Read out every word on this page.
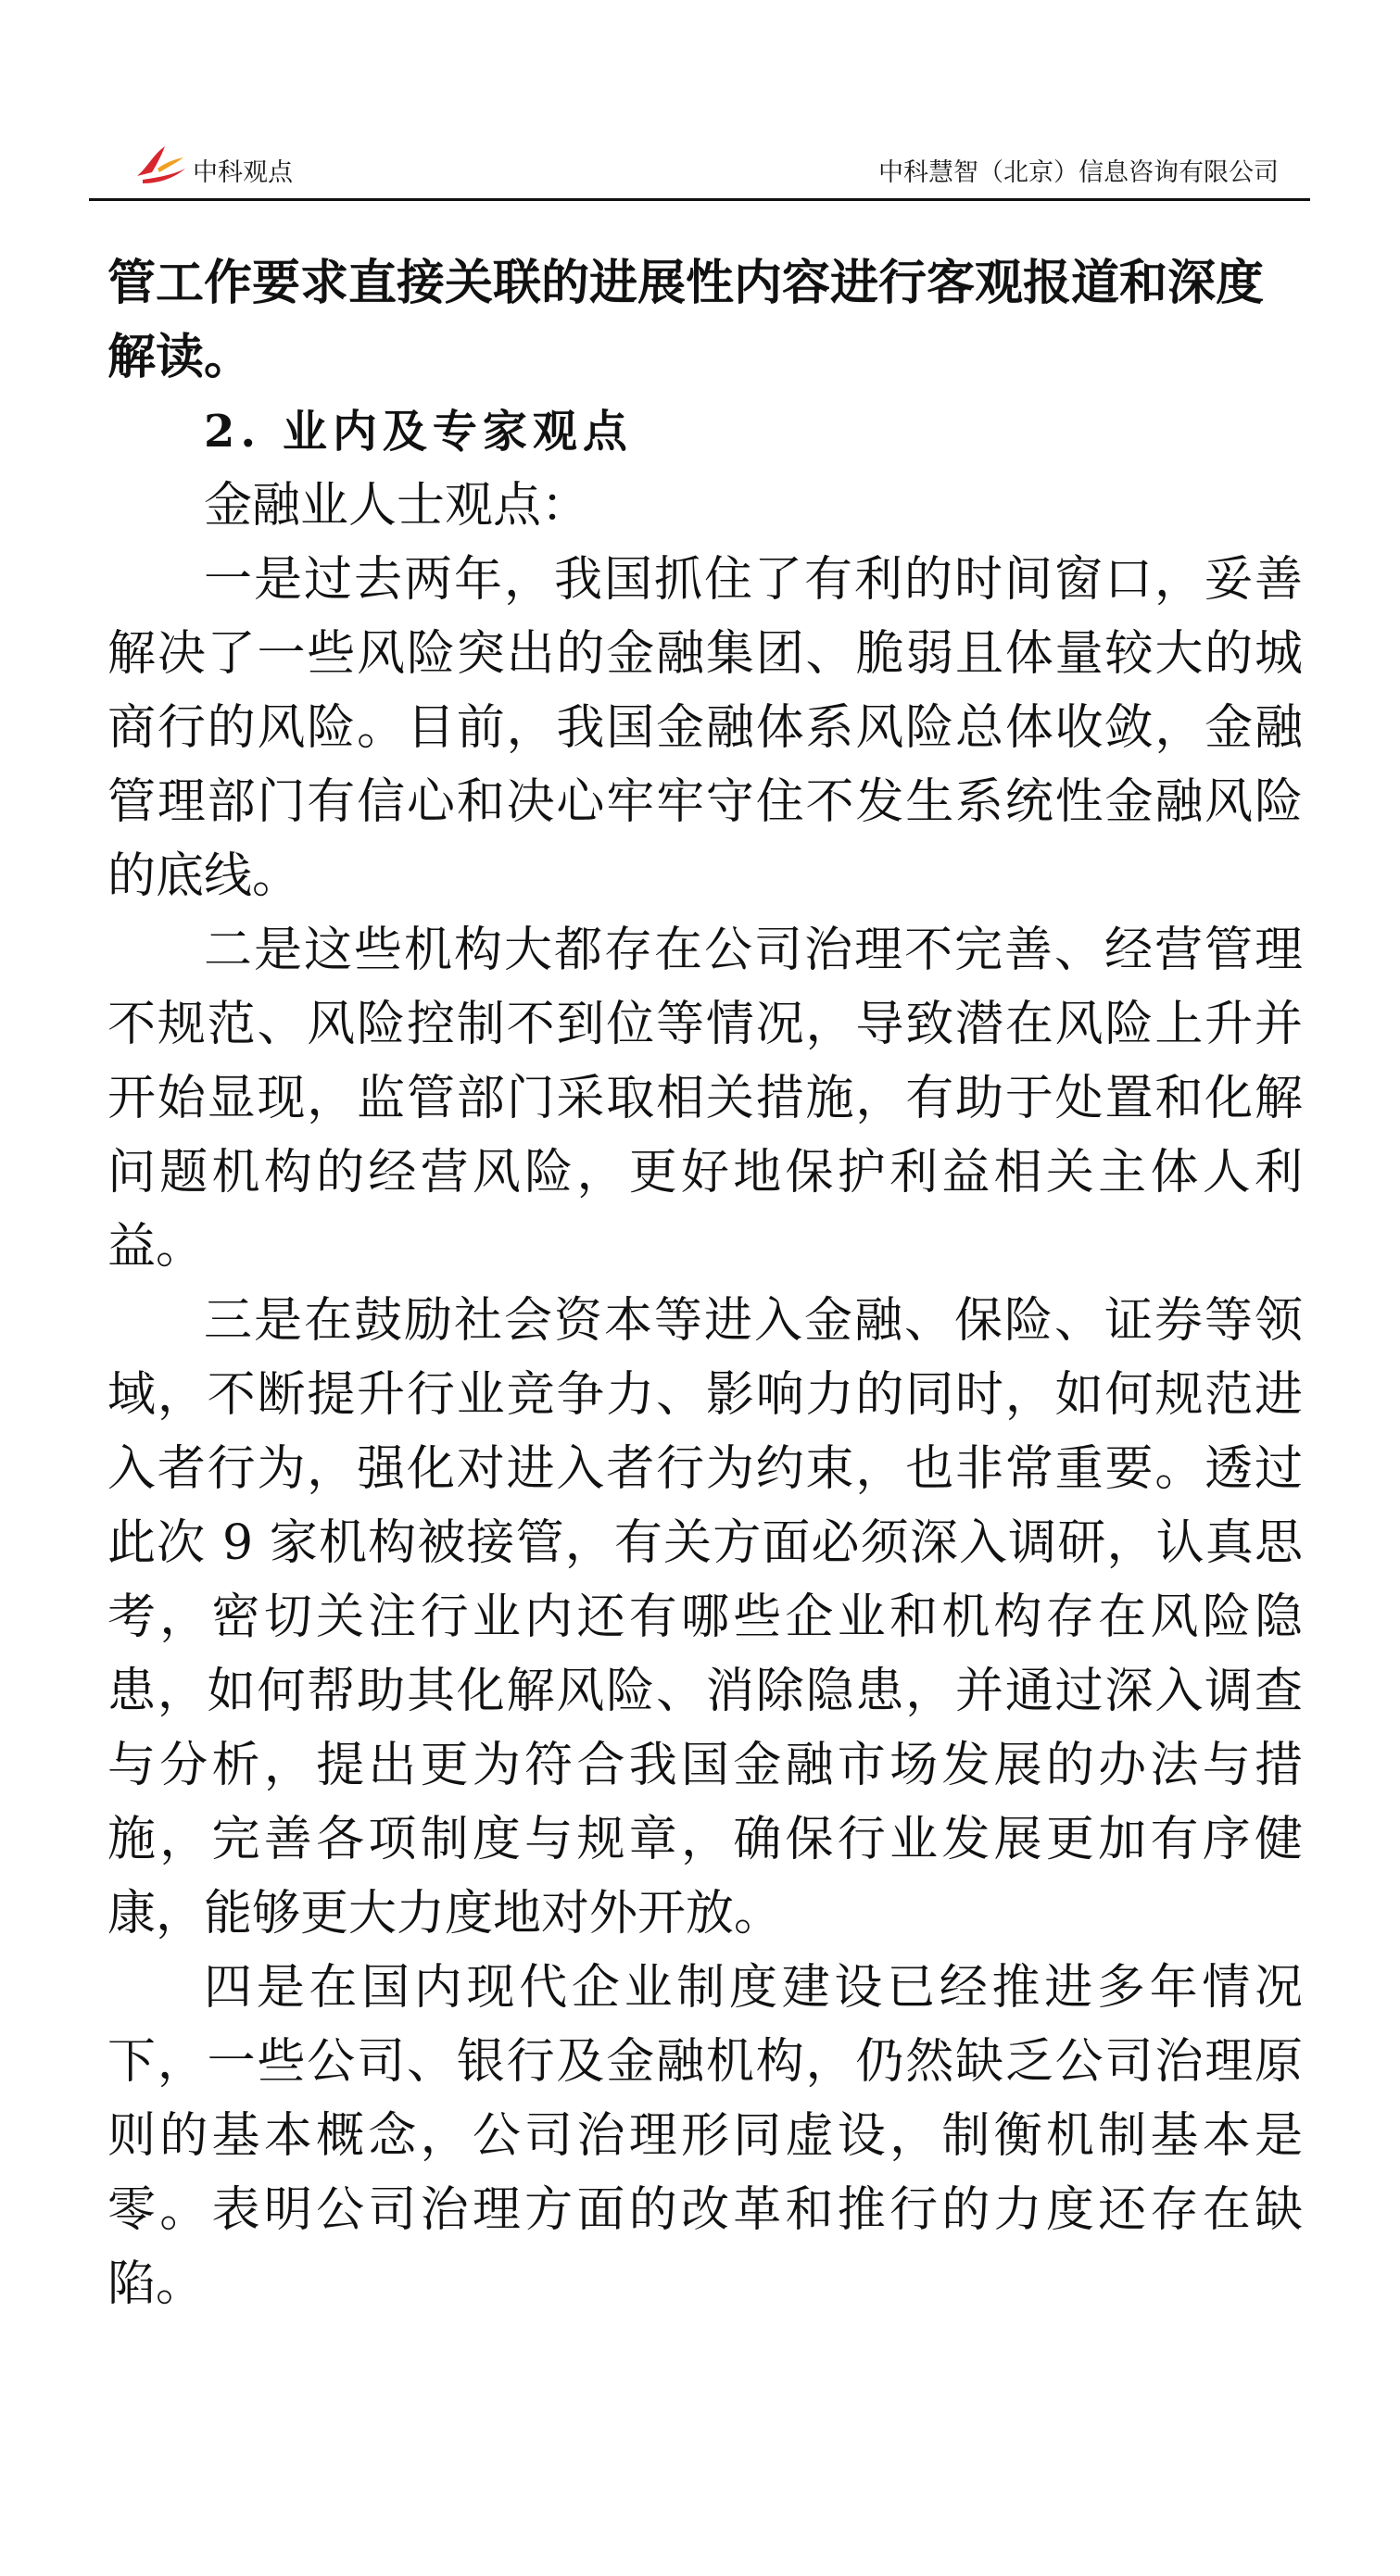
中科观点	中科慧智（北京）信息咨询有限公司

管工作要求直接关联的进展性内容进行客观报道和深度解读。

2. 业内及专家观点

金融业人士观点：

一是过去两年，我国抓住了有利的时间窗口，妥善解决了一些风险突出的金融集团、脆弱且体量较大的城商行的风险。目前，我国金融体系风险总体收敛，金融管理部门有信心和决心牢牢守住不发生系统性金融风险的底线。

二是这些机构大都存在公司治理不完善、经营管理不规范、风险控制不到位等情况，导致潜在风险上升并开始显现，监管部门采取相关措施，有助于处置和化解问题机构的经营风险，更好地保护利益相关主体人利益。

三是在鼓励社会资本等进入金融、保险、证券等领域，不断提升行业竞争力、影响力的同时，如何规范进入者行为，强化对进入者行为约束，也非常重要。透过此次 9 家机构被接管，有关方面必须深入调研，认真思考，密切关注行业内还有哪些企业和机构存在风险隐患，如何帮助其化解风险、消除隐患，并通过深入调查与分析，提出更为符合我国金融市场发展的办法与措施，完善各项制度与规章，确保行业发展更加有序健康，能够更大力度地对外开放。

四是在国内现代企业制度建设已经推进多年情况下，一些公司、银行及金融机构，仍然缺乏公司治理原则的基本概念，公司治理形同虚设，制衡机制基本是零。表明公司治理方面的改革和推行的力度还存在缺陷。
